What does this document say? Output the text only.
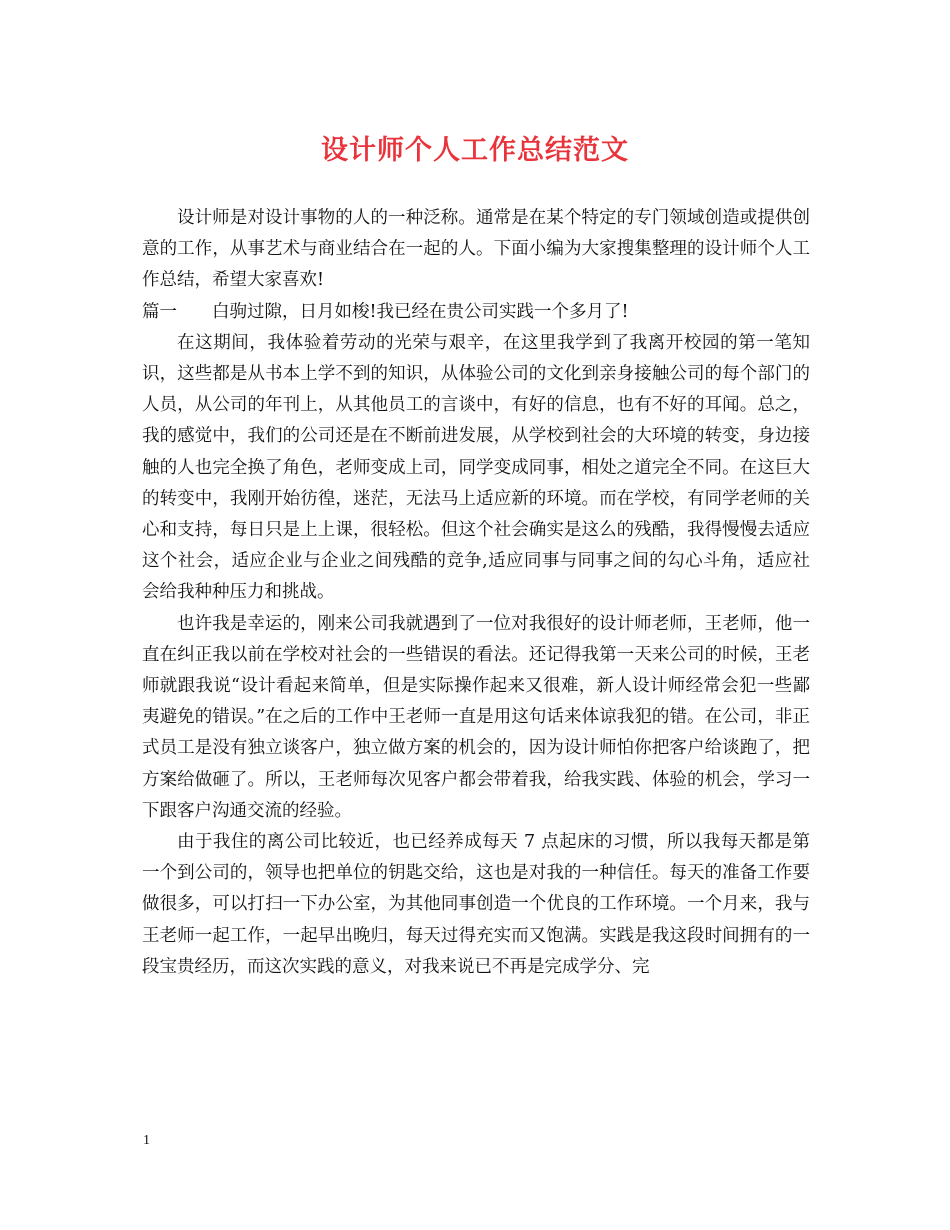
设计师个人工作总结范文

设计师是对设计事物的人的一种泛称。通常是在某个特定的专门领域创造或提供创意的工作，从事艺术与商业结合在一起的人。下面小编为大家搜集整理的设计师个人工作总结，希望大家喜欢!

篇一 白驹过隙，日月如梭!我已经在贵公司实践一个多月了!

在这期间，我体验着劳动的光荣与艰辛，在这里我学到了我离开校园的第一笔知识，这些都是从书本上学不到的知识，从体验公司的文化到亲身接触公司的每个部门的人员，从公司的年刊上，从其他员工的言谈中，有好的信息，也有不好的耳闻。总之，我的感觉中，我们的公司还是在不断前进发展，从学校到社会的大环境的转变，身边接触的人也完全换了角色，老师变成上司，同学变成同事，相处之道完全不同。在这巨大的转变中，我刚开始彷徨，迷茫，无法马上适应新的环境。而在学校，有同学老师的关心和支持，每日只是上上课，很轻松。但这个社会确实是这么的残酷，我得慢慢去适应这个社会，适应企业与企业之间残酷的竞争,适应同事与同事之间的勾心斗角，适应社会给我种种压力和挑战。

也许我是幸运的，刚来公司我就遇到了一位对我很好的设计师老师，王老师，他一直在纠正我以前在学校对社会的一些错误的看法。还记得我第一天来公司的时候，王老师就跟我说“设计看起来简单，但是实际操作起来又很难，新人设计师经常会犯一些鄙夷避免的错误。”在之后的工作中王老师一直是用这句话来体谅我犯的错。在公司，非正式员工是没有独立谈客户，独立做方案的机会的，因为设计师怕你把客户给谈跑了，把方案给做砸了。所以，王老师每次见客户都会带着我，给我实践、体验的机会，学习一下跟客户沟通交流的经验。

由于我住的离公司比较近，也已经养成每天 7 点起床的习惯，所以我每天都是第一个到公司的，领导也把单位的钥匙交给，这也是对我的一种信任。每天的准备工作要做很多，可以打扫一下办公室，为其他同事创造一个优良的工作环境。一个月来，我与王老师一起工作，一起早出晚归，每天过得充实而又饱满。实践是我这段时间拥有的一段宝贵经历，而这次实践的意义，对我来说已不再是完成学分、完

1
